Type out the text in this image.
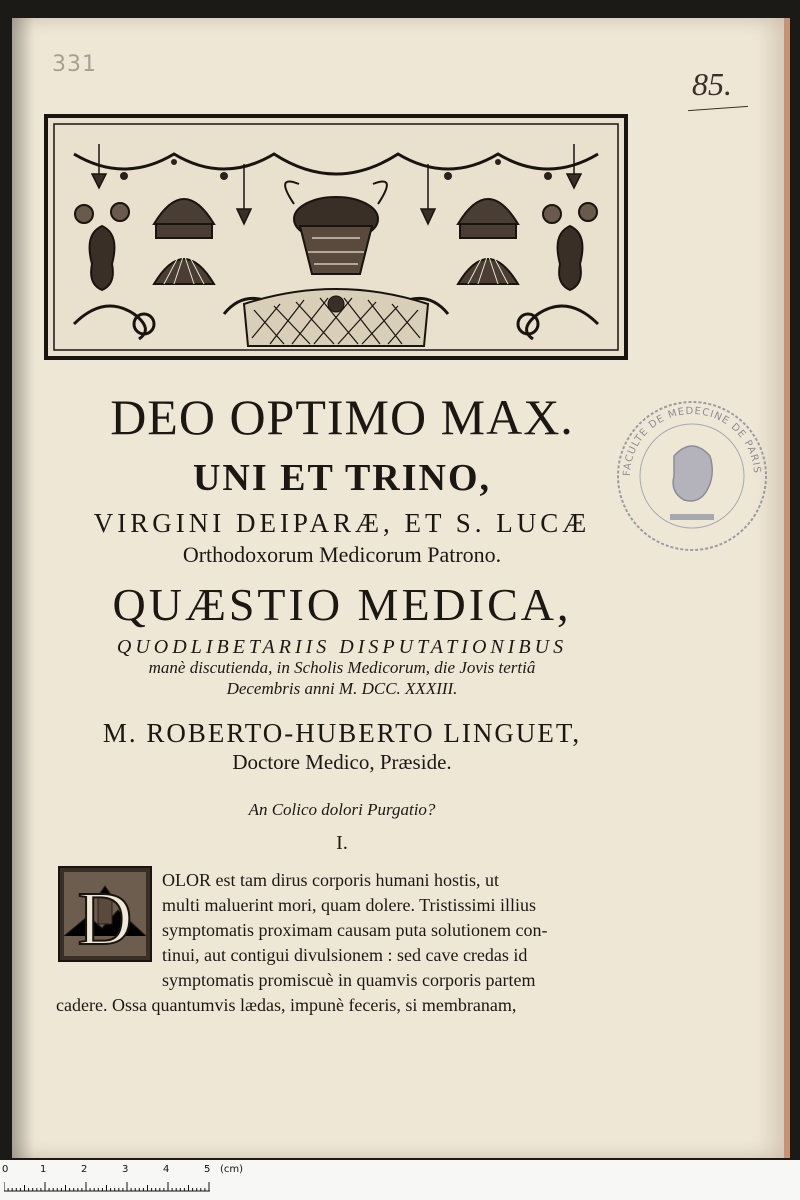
331
85.
FACULTE DE MEDECINE DE PARIS
DEO OPTIMO MAX.
UNI ET TRINO,
VIRGINI DEIPARÆ, ET S. LUCÆ
Orthodoxorum Medicorum Patrono.
QUÆSTIO MEDICA,
QUODLIBETARIIS DISPUTATIONIBUS
manè discutienda, in Scholis Medicorum, die Jovis tertiâ
Decembris anni M. DCC. XXXIII.
M. ROBERTO-HUBERTO LINGUET,
Doctore Medico, Præside.
An Colico dolori Purgatio?
I.
D OLOR est tam dirus corporis humani hostis, ut
multi maluerint mori, quam dolere. Tristissimi illius
symptomatis proximam causam puta solutionem con-
tinui, aut contigui divulsionem : sed cave credas id
symptomatis promiscuè in quamvis corporis partem
cadere. Ossa quantumvis lædas, impunè feceris, si membranam,
0	1	2	3	4	5 (cm)
